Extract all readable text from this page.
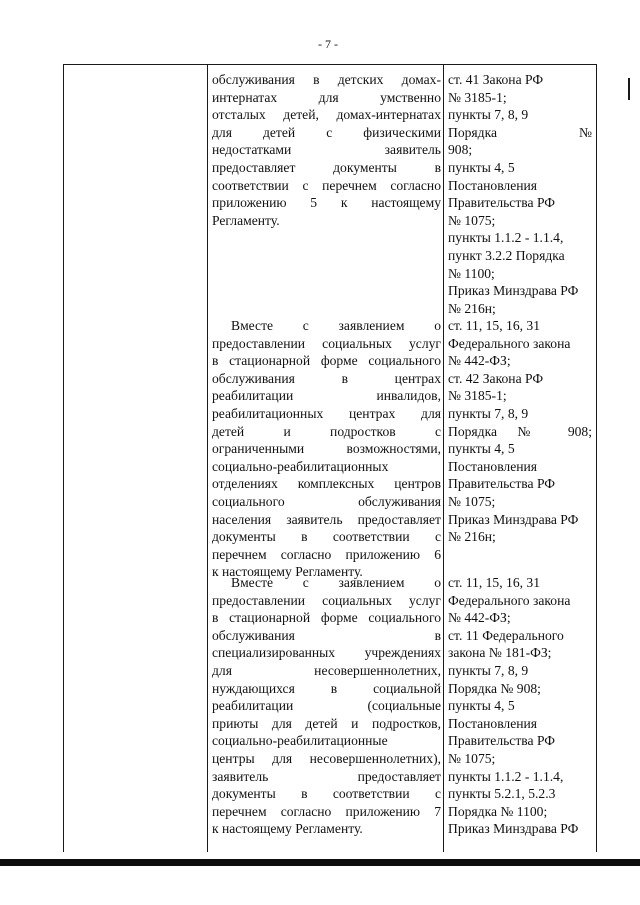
- 7 -
обслуживания в детских домах-
интернатах для умственно
отсталых детей, домах-интернатах
для детей с физическими
недостатками заявитель
предоставляет документы в
соответствии с перечнем согласно
приложению 5 к настоящему
Регламенту.
ст. 41 Закона РФ
№ 3185-1;
пункты 7, 8, 9
Порядка №
908;
пункты 4, 5
Постановления
Правительства РФ
№ 1075;
пункты 1.1.2 - 1.1.4,
пункт 3.2.2 Порядка
№ 1100;
Приказ Минздрава РФ
№ 216н;
Вместе с заявлением о
предоставлении социальных услуг
в стационарной форме социального
обслуживания в центрах
реабилитации инвалидов,
реабилитационных центрах для
детей и подростков с
ограниченными возможностями,
социально-реабилитационных
отделениях комплексных центров
социального обслуживания
населения заявитель предоставляет
документы в соответствии с
перечнем согласно приложению 6
к настоящему Регламенту.
ст. 11, 15, 16, 31
Федерального закона
№ 442-ФЗ;
ст. 42 Закона РФ
№ 3185-1;
пункты 7, 8, 9
Порядка № 908;
пункты 4, 5
Постановления
Правительства РФ
№ 1075;
Приказ Минздрава РФ
№ 216н;
Вместе с заявлением о
предоставлении социальных услуг
в стационарной форме социального
обслуживания в
специализированных учреждениях
для несовершеннолетних,
нуждающихся в социальной
реабилитации (социальные
приюты для детей и подростков,
социально-реабилитационные
центры для несовершеннолетних),
заявитель предоставляет
документы в соответствии с
перечнем согласно приложению 7
к настоящему Регламенту.
ст. 11, 15, 16, 31
Федерального закона
№ 442-ФЗ;
ст. 11 Федерального
закона № 181-ФЗ;
пункты 7, 8, 9
Порядка № 908;
пункты 4, 5
Постановления
Правительства РФ
№ 1075;
пункты 1.1.2 - 1.1.4,
пункты 5.2.1, 5.2.3
Порядка № 1100;
Приказ Минздрава РФ
